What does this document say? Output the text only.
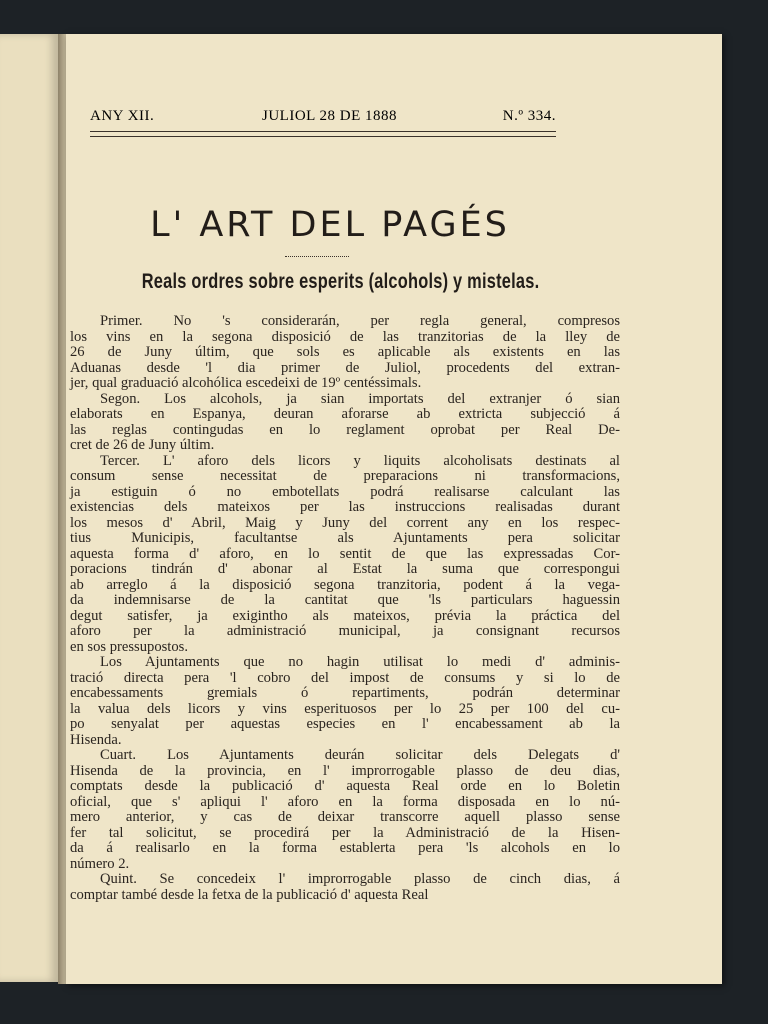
ANY XII.	JULIOL 28 DE 1888	N.º 334.
L' ART DEL PAGÉS
Reals ordres sobre esperits (alcohols) y mistelas.
Primer. No 's considerarán, per regla general, compresos
los vins en la segona disposició de las tranzitorias de la lley de
26 de Juny últim, que sols es aplicable als existents en las
Aduanas desde 'l dia primer de Juliol, procedents del extran-
jer, qual graduació alcohólica escedeixi de 19º centéssimals.
Segon. Los alcohols, ja sian importats del extranjer ó sian
elaborats en Espanya, deuran aforarse ab extricta subjecció á
las reglas contingudas en lo reglament oprobat per Real De-
cret de 26 de Juny últim.
Tercer. L' aforo dels licors y liquits alcoholisats destinats al
consum sense necessitat de preparacions ni transformacions,
ja estiguin ó no embotellats podrá realisarse calculant las
existencias dels mateixos per las instruccions realisadas durant
los mesos d' Abril, Maig y Juny del corrent any en los respec-
tius Municipis, facultantse als Ajuntaments pera solicitar
aquesta forma d' aforo, en lo sentit de que las expressadas Cor-
poracions tindrán d' abonar al Estat la suma que correspongui
ab arreglo á la disposició segona tranzitoria, podent á la vega-
da indemnisarse de la cantitat que 'ls particulars haguessin
degut satisfer, ja exigintho als mateixos, prévia la práctica del
aforo per la administració municipal, ja consignant recursos
en sos pressupostos.
Los Ajuntaments que no hagin utilisat lo medi d' adminis-
tració directa pera 'l cobro del impost de consums y si lo de
encabessaments gremials ó repartiments, podrán determinar
la valua dels licors y vins esperituosos per lo 25 per 100 del cu-
po senyalat per aquestas especies en l' encabessament ab la
Hisenda.
Cuart. Los Ajuntaments deurán solicitar dels Delegats d'
Hisenda de la provincia, en l' improrrogable plasso de deu dias,
comptats desde la publicació d' aquesta Real orde en lo Boletin
oficial, que s' apliqui l' aforo en la forma disposada en lo nú-
mero anterior, y cas de deixar transcorre aquell plasso sense
fer tal solicitut, se procedirá per la Administració de la Hisen-
da á realisarlo en la forma establerta pera 'ls alcohols en lo
número 2.
Quint. Se concedeix l' improrrogable plasso de cinch dias, á
comptar també desde la fetxa de la publicació d' aquesta Real
